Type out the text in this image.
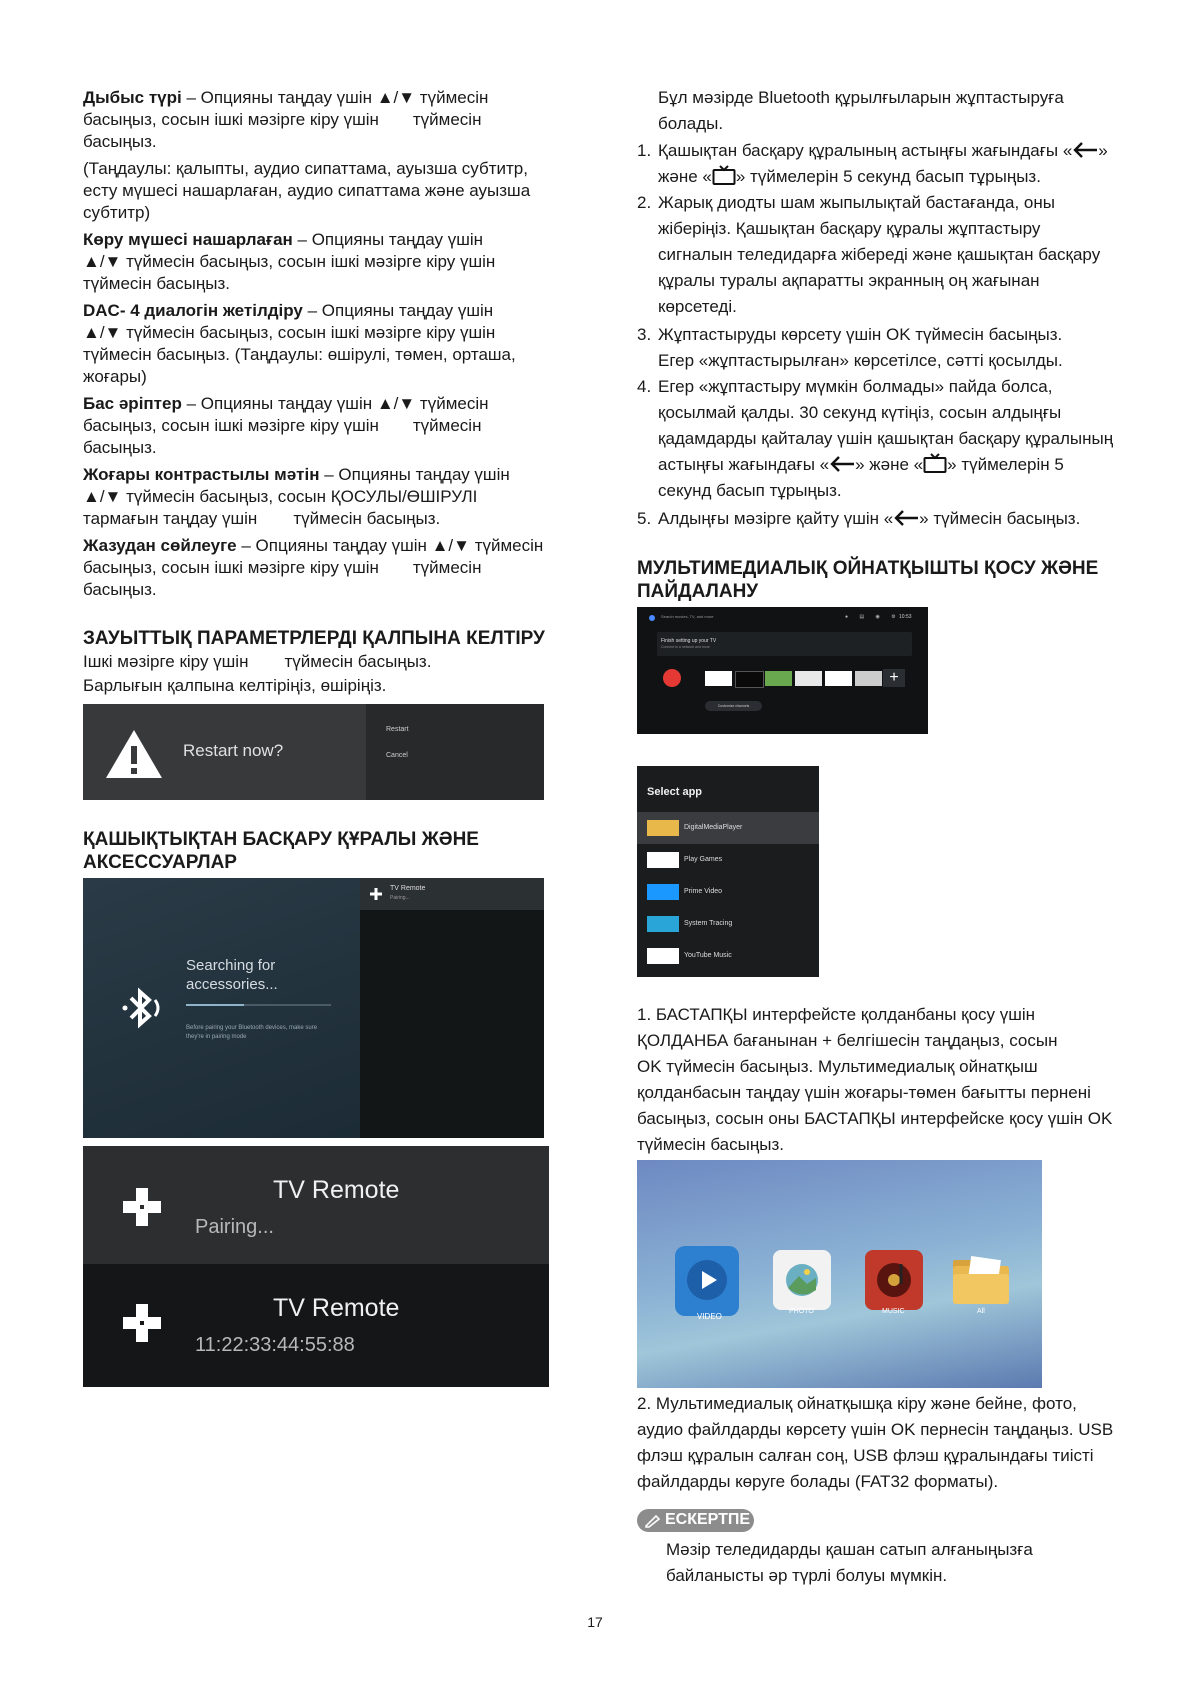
Дыбыс түрі – Опцияны таңдау үшін ▲/▼ түймесін

басыңыз, сосын ішкі мәзірге кіру үшін түймесін

басыңыз.

(Таңдаулы: қалыпты, аудио сипаттама, ауызша субтитр,

есту мүшесі нашарлаған, аудио сипаттама және ауызша

субтитр)

Көру мүшесі нашарлаған – Опцияны таңдау үшін

▲/▼ түймесін басыңыз, сосын ішкі мәзірге кіру үшін

түймесін басыңыз.

DAC- 4 диалогін жетілдіру – Опцияны таңдау үшін

▲/▼ түймесін басыңыз, сосын ішкі мәзірге кіру үшін

түймесін басыңыз. (Таңдаулы: өшірулі, төмен, орташа,

жоғары)

Бас әріптер – Опцияны таңдау үшін ▲/▼ түймесін

басыңыз, сосын ішкі мәзірге кіру үшін түймесін

басыңыз.

Жоғары контрастылы мәтін – Опцияны таңдау үшін

▲/▼ түймесін басыңыз, сосын ҚОСУЛЫ/ӨШІРУЛІ

тармағын таңдау үшін түймесін басыңыз.

Жазудан сөйлеуге – Опцияны таңдау үшін ▲/▼ түймесін

басыңыз, сосын ішкі мәзірге кіру үшін түймесін

басыңыз.

ЗАУЫТТЫҚ ПАРАМЕТРЛЕРДІ ҚАЛПЫНА КЕЛТІРУ

Ішкі мәзірге кіру үшін түймесін басыңыз.

Барлығын қалпына келтіріңіз, өшіріңіз.

Restart now?
Restart
Cancel
ҚАШЫҚТЫҚТАН БАСҚАРУ ҚҰРАЛЫ ЖӘНЕ
АКСЕССУАРЛАР
Searching for
accessories...
Before pairing your Bluetooth devices, make sure
they're in pairing mode
TV Remote
Pairing...
TV Remote
Pairing...
TV Remote
11:22:33:44:55:88

Бұл мәзірде Bluetooth құрылғыларын жұптастыруға

болады.

1. Қашықтан басқару құралының астыңғы жағындағы « »
және « » түймелерін 5 секунд басып тұрыңыз.
2. Жарық диодты шам жыпылықтай бастағанда, оны
жіберіңіз. Қашықтан басқару құралы жұптастыру
сигналын теледидарға жібереді және қашықтан басқару
құралы туралы ақпаратты экранның оң жағынан
көрсетеді.
3. Жұптастыруды көрсету үшін OK түймесін басыңыз.
Егер «жұптастырылған» көрсетілсе, сәтті қосылды.
4. Егер «жұптастыру мүмкін болмады» пайда болса,
қосылмай қалды. 30 секунд күтіңіз, сосын алдыңғы
қадамдарды қайталау үшін қашықтан басқару құралының
астыңғы жағындағы « » және « » түймелерін 5
секунд басып тұрыңыз.
5. Алдыңғы мәзірге қайту үшін « » түймесін басыңыз.
МУЛЬТИМЕДИАЛЫҚ ОЙНАТҚЫШТЫ ҚОСУ ЖӘНЕ
ПАЙДАЛАНУ
Search movies, TV, and more	● ▤ ◉ ⚙
10:53
Finish setting up your TV
Connect to a network and more
+
Customize channels
Select app
DigitalMediaPlayer
Play Games
Prime Video
System Tracing
YouTube Music

1. БАСТАПҚЫ интерфейсте қолданбаны қосу үшін

ҚОЛДАНБА бағанынан + белгішесін таңдаңыз, сосын

OK түймесін басыңыз. Мультимедиалық ойнатқыш

қолданбасын таңдау үшін жоғары-төмен бағытты пернені

басыңыз, сосын оны БАСТАПҚЫ интерфейске қосу үшін OK

түймесін басыңыз.

VIDEO
PHOTO	MUSIC	All

2. Мультимедиалық ойнатқышқа кіру және бейне, фото,

аудио файлдарды көрсету үшін OK пернесін таңдаңыз. USB

флэш құралын салған соң, USB флэш құралындағы тиісті

файлдарды көруге болады (FAT32 форматы).

ЕСКЕРТПЕ

Мәзір теледидарды қашан сатып алғаныңызға

байланысты әр түрлі болуы мүмкін.

17
